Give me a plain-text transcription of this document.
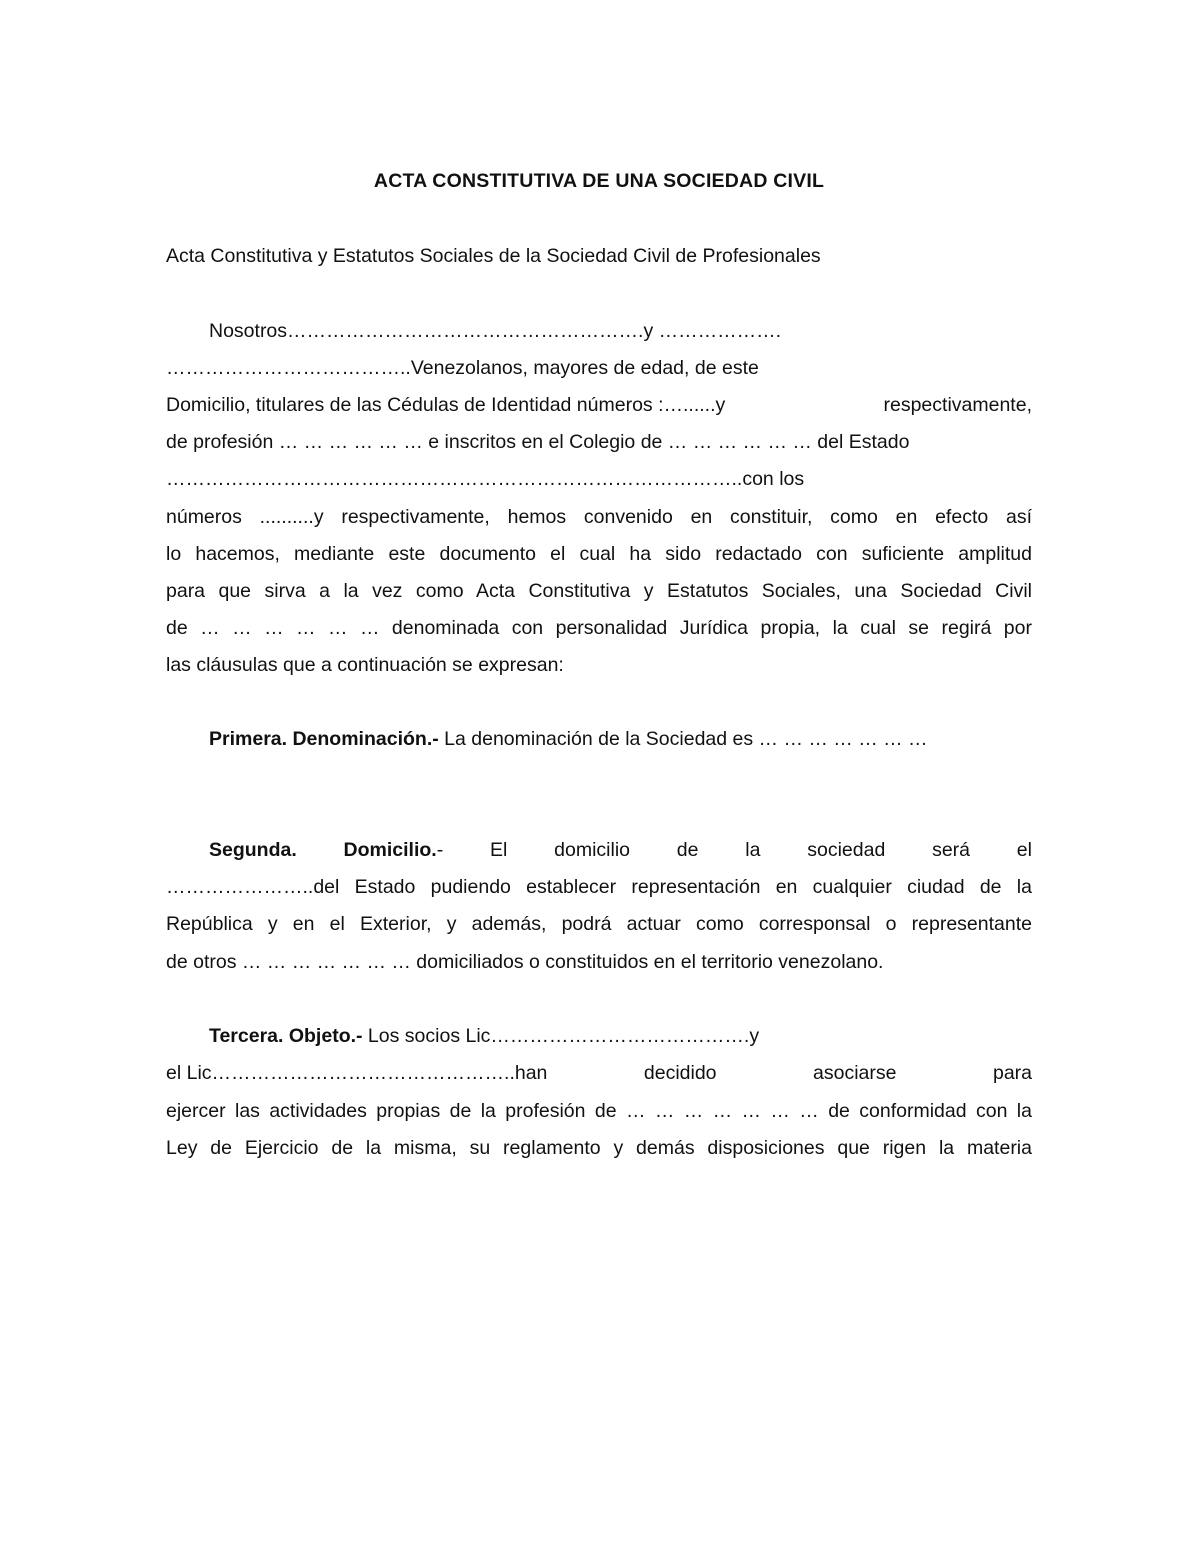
ACTA CONSTITUTIVA DE UNA SOCIEDAD CIVIL
Acta Constitutiva y Estatutos Sociales de la Sociedad Civil de Profesionales
Nosotros……………………………………………….y ……………….
………………………………..Venezolanos, mayores de edad, de este
Domicilio, titulares de las Cédulas de Identidad números :…......y	respectivamente,
de profesión … … … … … … e inscritos en el Colegio de … … … … … … del Estado
……………………………………………………………………………..con los
números ..........y respectivamente, hemos convenido en constituir, como en efecto así
lo hacemos, mediante este documento el cual ha sido redactado con suficiente amplitud
para que sirva a la vez como Acta Constitutiva y Estatutos Sociales, una Sociedad Civil
de … … … … … … denominada con personalidad Jurídica propia, la cual se regirá por
las cláusulas que a continuación se expresan:
Primera. Denominación.- La denominación de la Sociedad es … … … … … … …
Segunda. Domicilio.- El domicilio de la sociedad será el
…………………..del Estado pudiendo establecer representación en cualquier ciudad de la
República y en el Exterior, y además, podrá actuar como corresponsal o representante
de otros … … … … … … … domiciliados o constituidos en el territorio venezolano.
Tercera. Objeto.- Los socios Lic………………………………….y
el Lic………………………………………..han	decidido	asociarse	para
ejercer las actividades propias de la profesión de … … … … … … … de conformidad con la
Ley de Ejercicio de la misma, su reglamento y demás disposiciones que rigen la materia
